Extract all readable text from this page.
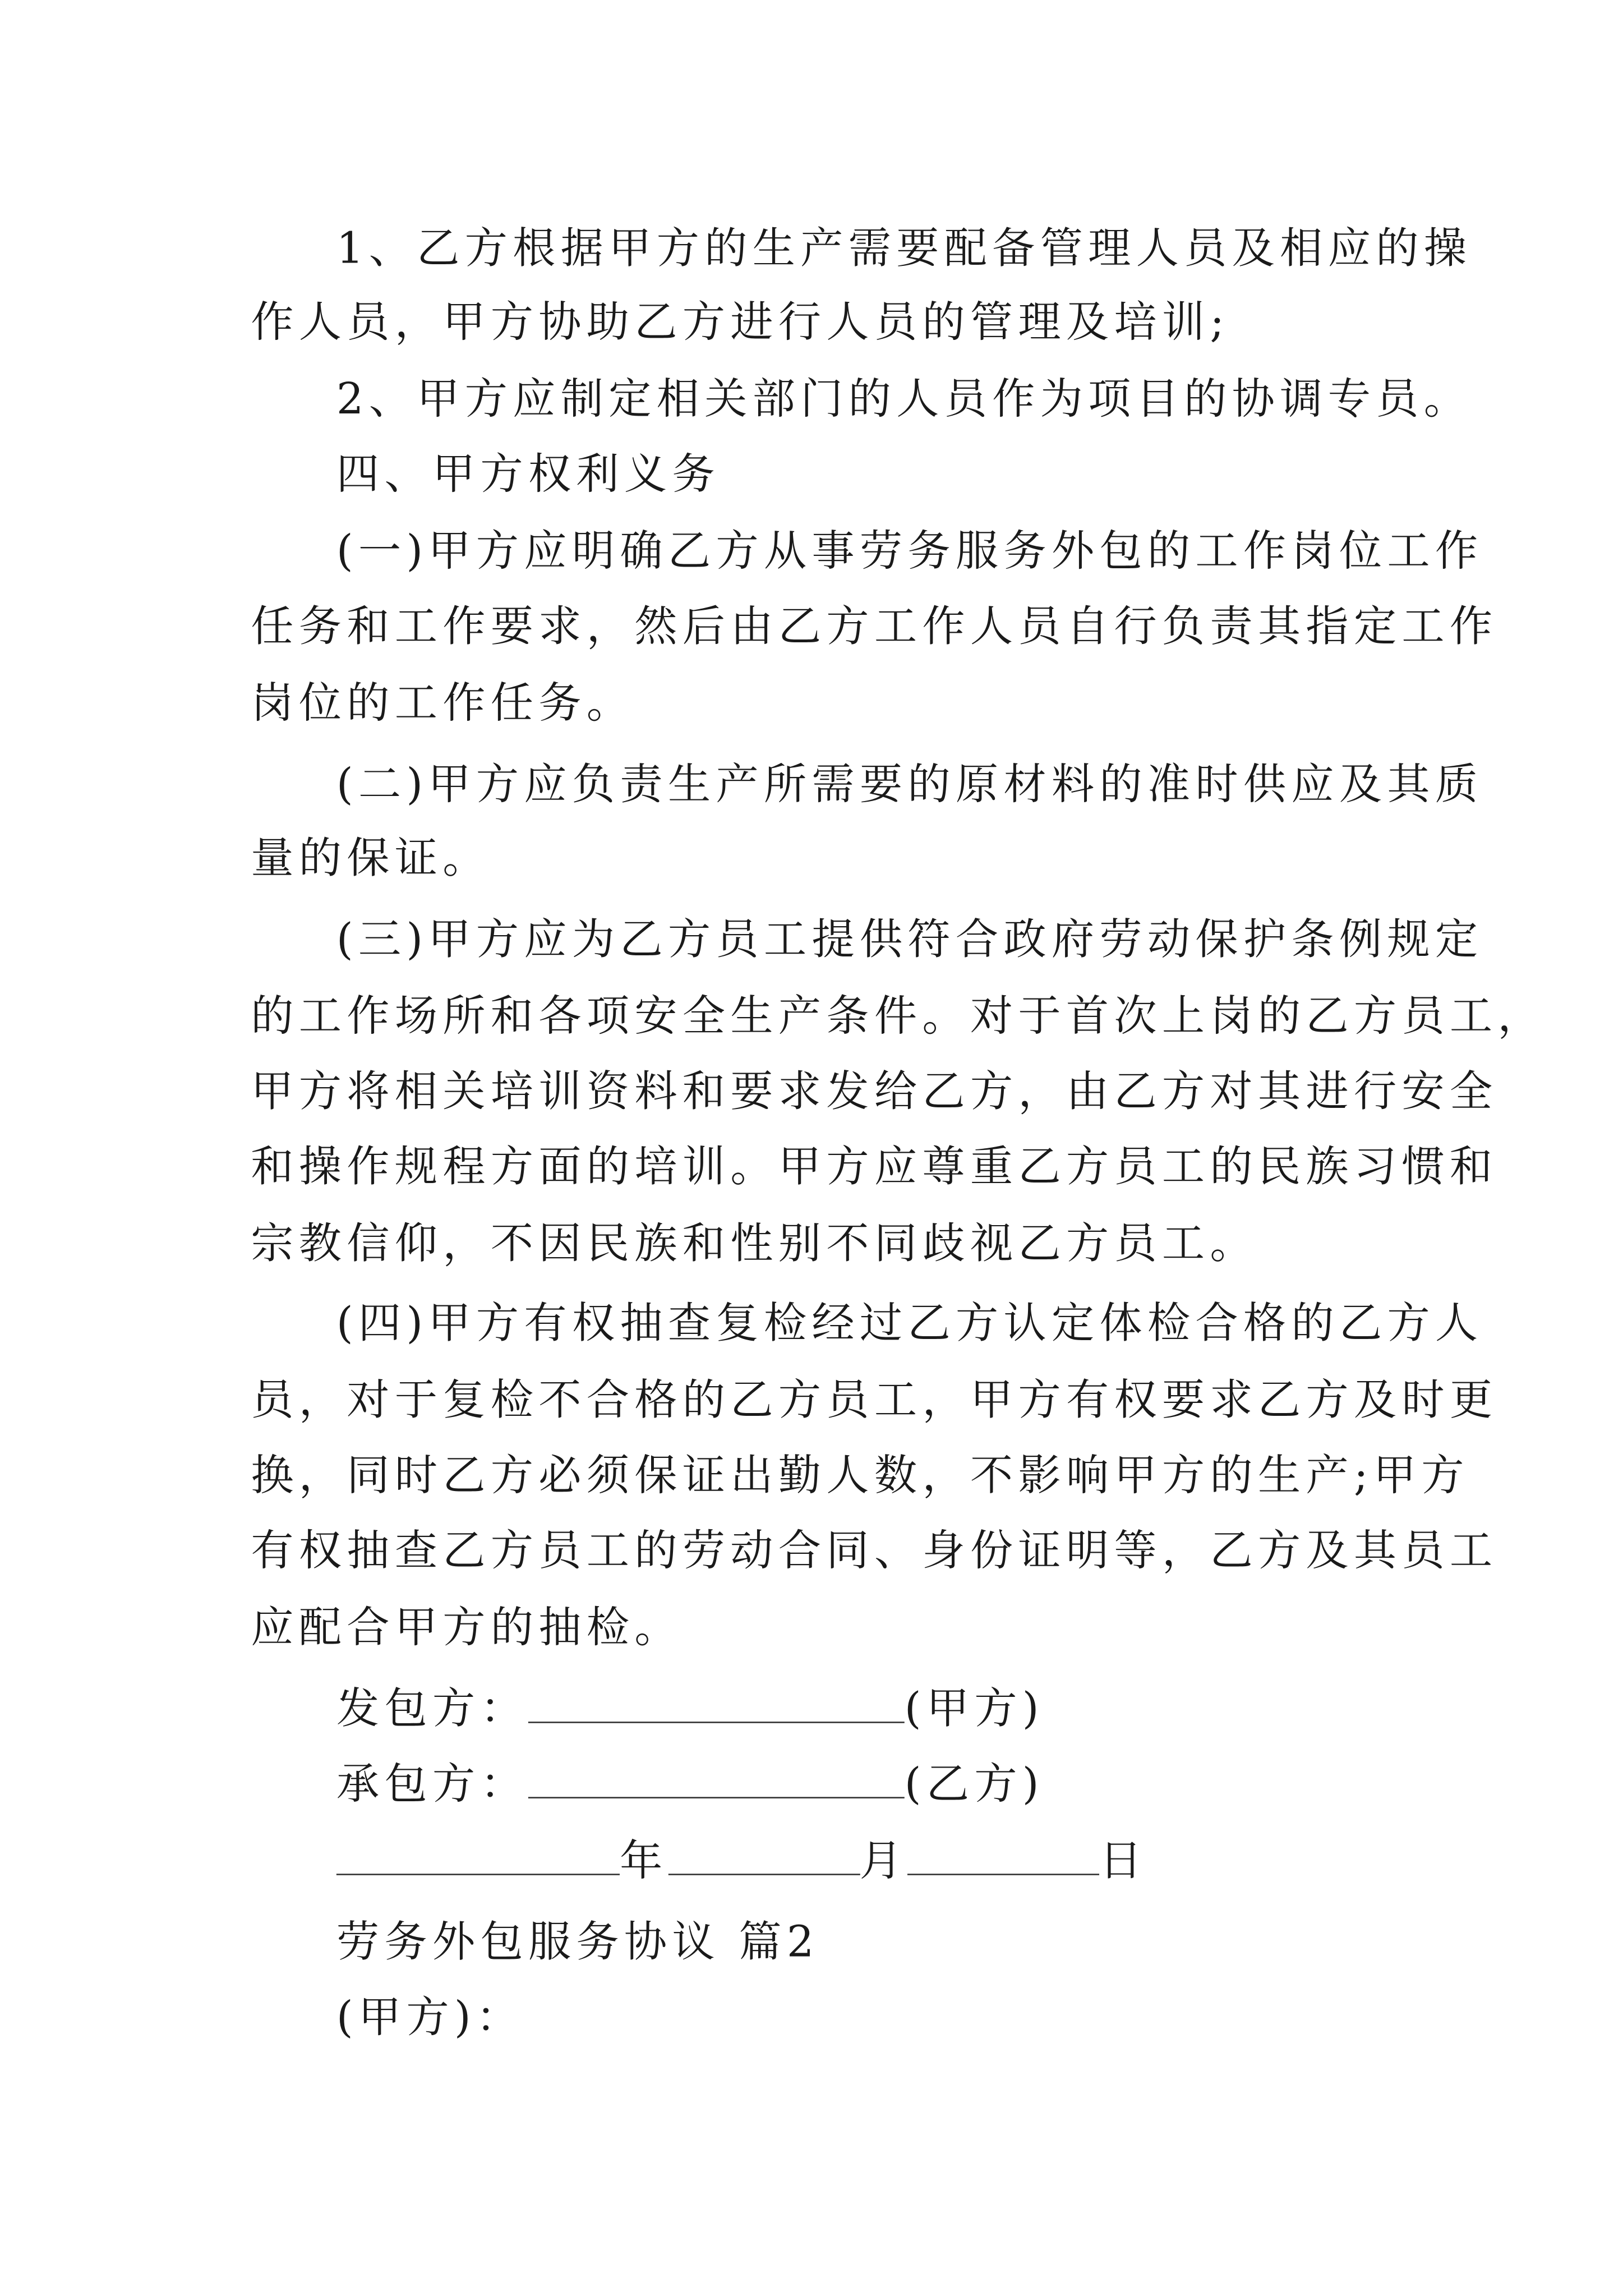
1、乙方根据甲方的生产需要配备管理人员及相应的操
作人员，甲方协助乙方进行人员的管理及培训;
2、甲方应制定相关部门的人员作为项目的协调专员。
四、甲方权利义务
(一)甲方应明确乙方从事劳务服务外包的工作岗位工作
任务和工作要求，然后由乙方工作人员自行负责其指定工作
岗位的工作任务。
(二)甲方应负责生产所需要的原材料的准时供应及其质
量的保证。
(三)甲方应为乙方员工提供符合政府劳动保护条例规定
的工作场所和各项安全生产条件。对于首次上岗的乙方员工，
甲方将相关培训资料和要求发给乙方，由乙方对其进行安全
和操作规程方面的培训。甲方应尊重乙方员工的民族习惯和
宗教信仰，不因民族和性别不同歧视乙方员工。
(四)甲方有权抽查复检经过乙方认定体检合格的乙方人
员，对于复检不合格的乙方员工，甲方有权要求乙方及时更
换，同时乙方必须保证出勤人数，不影响甲方的生产;甲方
有权抽查乙方员工的劳动合同、身份证明等，乙方及其员工
应配合甲方的抽检。
发包方：	(甲方)
承包方：	(乙方)
年	月	日
劳务外包服务协议 篇2
(甲方)：
